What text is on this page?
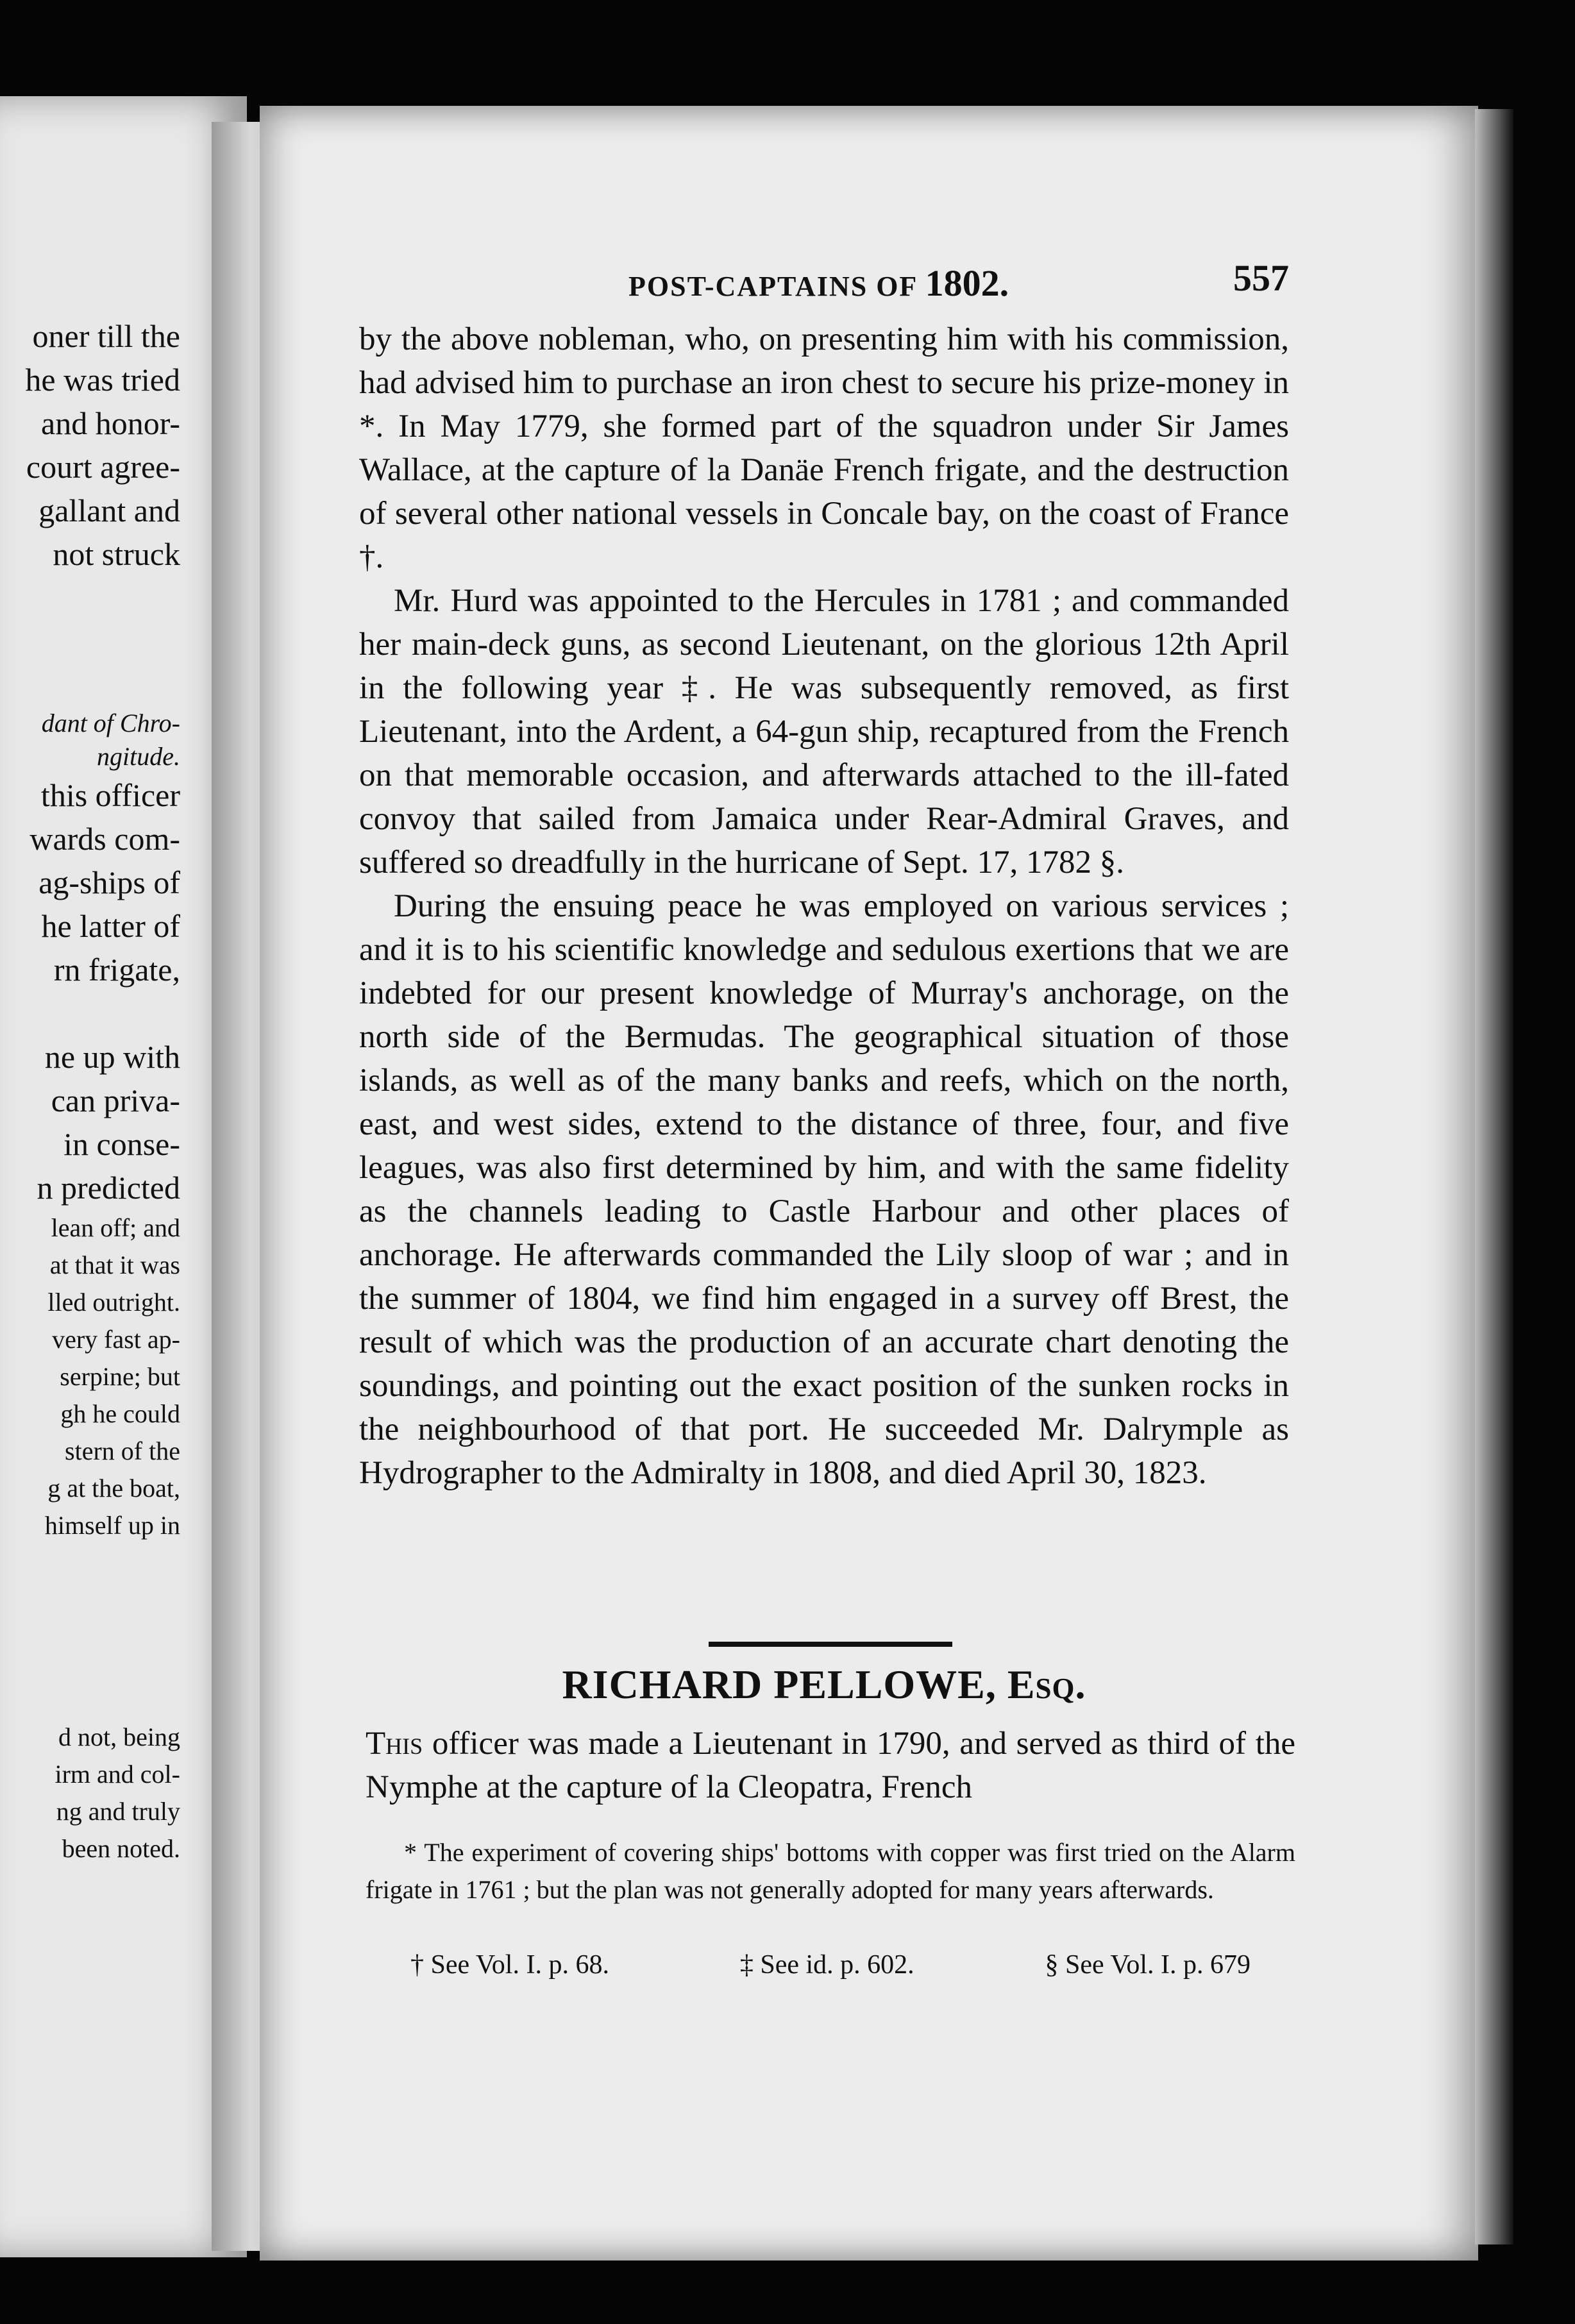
oner till the
he was tried
and honor-
court agree-
gallant and
not struck

dant of Chro-
ngitude.
this officer
wards com-
ag-ships of
he latter of
rn frigate,

ne up with
can priva-
in conse-
n predicted
lean off; and
at that it was
lled outright.
very fast ap-
serpine; but
gh he could
stern of the
g at the boat,
himself up in

d not, being
irm and col-
ng and truly
been noted.
POST-CAPTAINS OF 1802.	557

by the above nobleman, who, on presenting him with his commission, had advised him to purchase an iron chest to secure his prize-money in *. In May 1779, she formed part of the squadron under Sir James Wallace, at the capture of la Danäe French frigate, and the destruction of several other national vessels in Concale bay, on the coast of France †.

Mr. Hurd was appointed to the Hercules in 1781 ; and commanded her main-deck guns, as second Lieutenant, on the glorious 12th April in the following year ‡. He was subsequently removed, as first Lieutenant, into the Ardent, a 64-gun ship, recaptured from the French on that memorable occasion, and afterwards attached to the ill-fated convoy that sailed from Jamaica under Rear-Admiral Graves, and suffered so dreadfully in the hurricane of Sept. 17, 1782 §.

During the ensuing peace he was employed on various services ; and it is to his scientific knowledge and sedulous exertions that we are indebted for our present knowledge of Murray's anchorage, on the north side of the Bermudas. The geographical situation of those islands, as well as of the many banks and reefs, which on the north, east, and west sides, extend to the distance of three, four, and five leagues, was also first determined by him, and with the same fidelity as the channels leading to Castle Harbour and other places of anchorage. He afterwards commanded the Lily sloop of war ; and in the summer of 1804, we find him engaged in a survey off Brest, the result of which was the production of an accurate chart denoting the soundings, and pointing out the exact position of the sunken rocks in the neighbourhood of that port. He succeeded Mr. Dalrymple as Hydrographer to the Admiralty in 1808, and died April 30, 1823.

RICHARD PELLOWE, Esq.
This officer was made a Lieutenant in 1790, and served as third of the Nymphe at the capture of la Cleopatra, French

* The experiment of covering ships' bottoms with copper was first tried on the Alarm frigate in 1761 ; but the plan was not generally adopted for many years afterwards.

† See Vol. I. p. 68.	‡ See id. p. 602.	§ See Vol. I. p. 679
